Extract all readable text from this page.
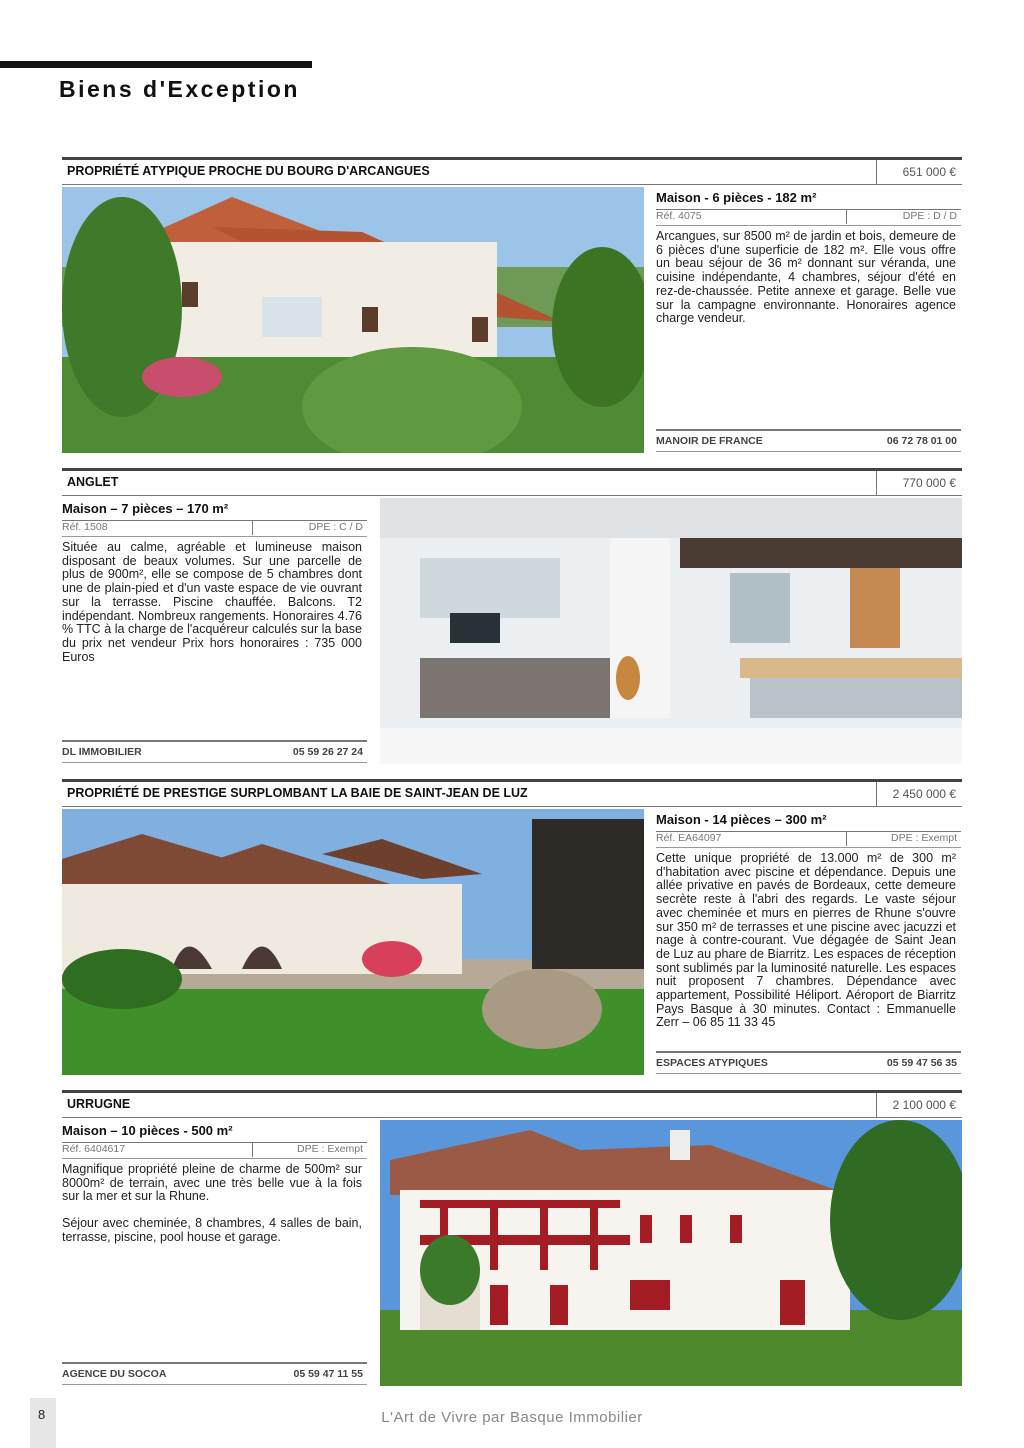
Biens d'Exception
PROPRIÉTÉ ATYPIQUE PROCHE DU BOURG D'ARCANGUES	651 000 €
Maison - 6 pièces - 182 m²
Réf. 4075	DPE : D / D

Arcangues, sur 8500 m² de jardin et bois, demeure de 6 pièces d'une superficie de 182 m². Elle vous offre un beau séjour de 36 m² donnant sur véranda, une cuisine indépendante, 4 chambres, séjour d'été en rez-de-chaussée. Petite annexe et garage. Belle vue sur la campagne environnante. Honoraires agence charge vendeur.

MANOIR DE FRANCE	06 72 78 01 00
ANGLET	770 000 €
Maison – 7 pièces – 170 m²
Réf. 1508	DPE : C / D

Située au calme, agréable et lumineuse maison disposant de beaux volumes. Sur une parcelle de plus de 900m², elle se compose de 5 chambres dont une de plain-pied et d'un vaste espace de vie ouvrant sur la terrasse. Piscine chauffée. Balcons. T2 indépendant. Nombreux rangements. Honoraires 4.76 % TTC à la charge de l'acquéreur calculés sur la base du prix net vendeur Prix hors honoraires : 735 000 Euros

DL IMMOBILIER	05 59 26 27 24
PROPRIÉTÉ DE PRESTIGE SURPLOMBANT LA BAIE DE SAINT-JEAN DE LUZ	2 450 000 €
Maison - 14 pièces – 300 m²
Réf. EA64097	DPE : Exempt

Cette unique propriété de 13.000 m² de 300 m² d'habitation avec piscine et dépendance. Depuis une allée privative en pavés de Bordeaux, cette demeure secrète reste à l'abri des regards. Le vaste séjour avec cheminée et murs en pierres de Rhune s'ouvre sur 350 m² de terrasses et une piscine avec jacuzzi et nage à contre-courant. Vue dégagée de Saint Jean de Luz au phare de Biarritz. Les espaces de réception sont sublimés par la luminosité naturelle. Les espaces nuit proposent 7 chambres. Dépendance avec appartement, Possibilité Héliport. Aéroport de Biarritz Pays Basque à 30 minutes. Contact : Emmanuelle Zerr – 06 85 11 33 45

ESPACES ATYPIQUES	05 59 47 56 35
URRUGNE	2 100 000 €
Maison – 10 pièces - 500 m²
Réf. 6404617	DPE : Exempt

Magnifique propriété pleine de charme de 500m² sur 8000m² de terrain, avec une très belle vue à la fois sur la mer et sur la Rhune.

Séjour avec cheminée, 8 chambres, 4 salles de bain, terrasse, piscine, pool house et garage.

AGENCE DU SOCOA	05 59 47 11 55
8	L'Art de Vivre par Basque Immobilier
